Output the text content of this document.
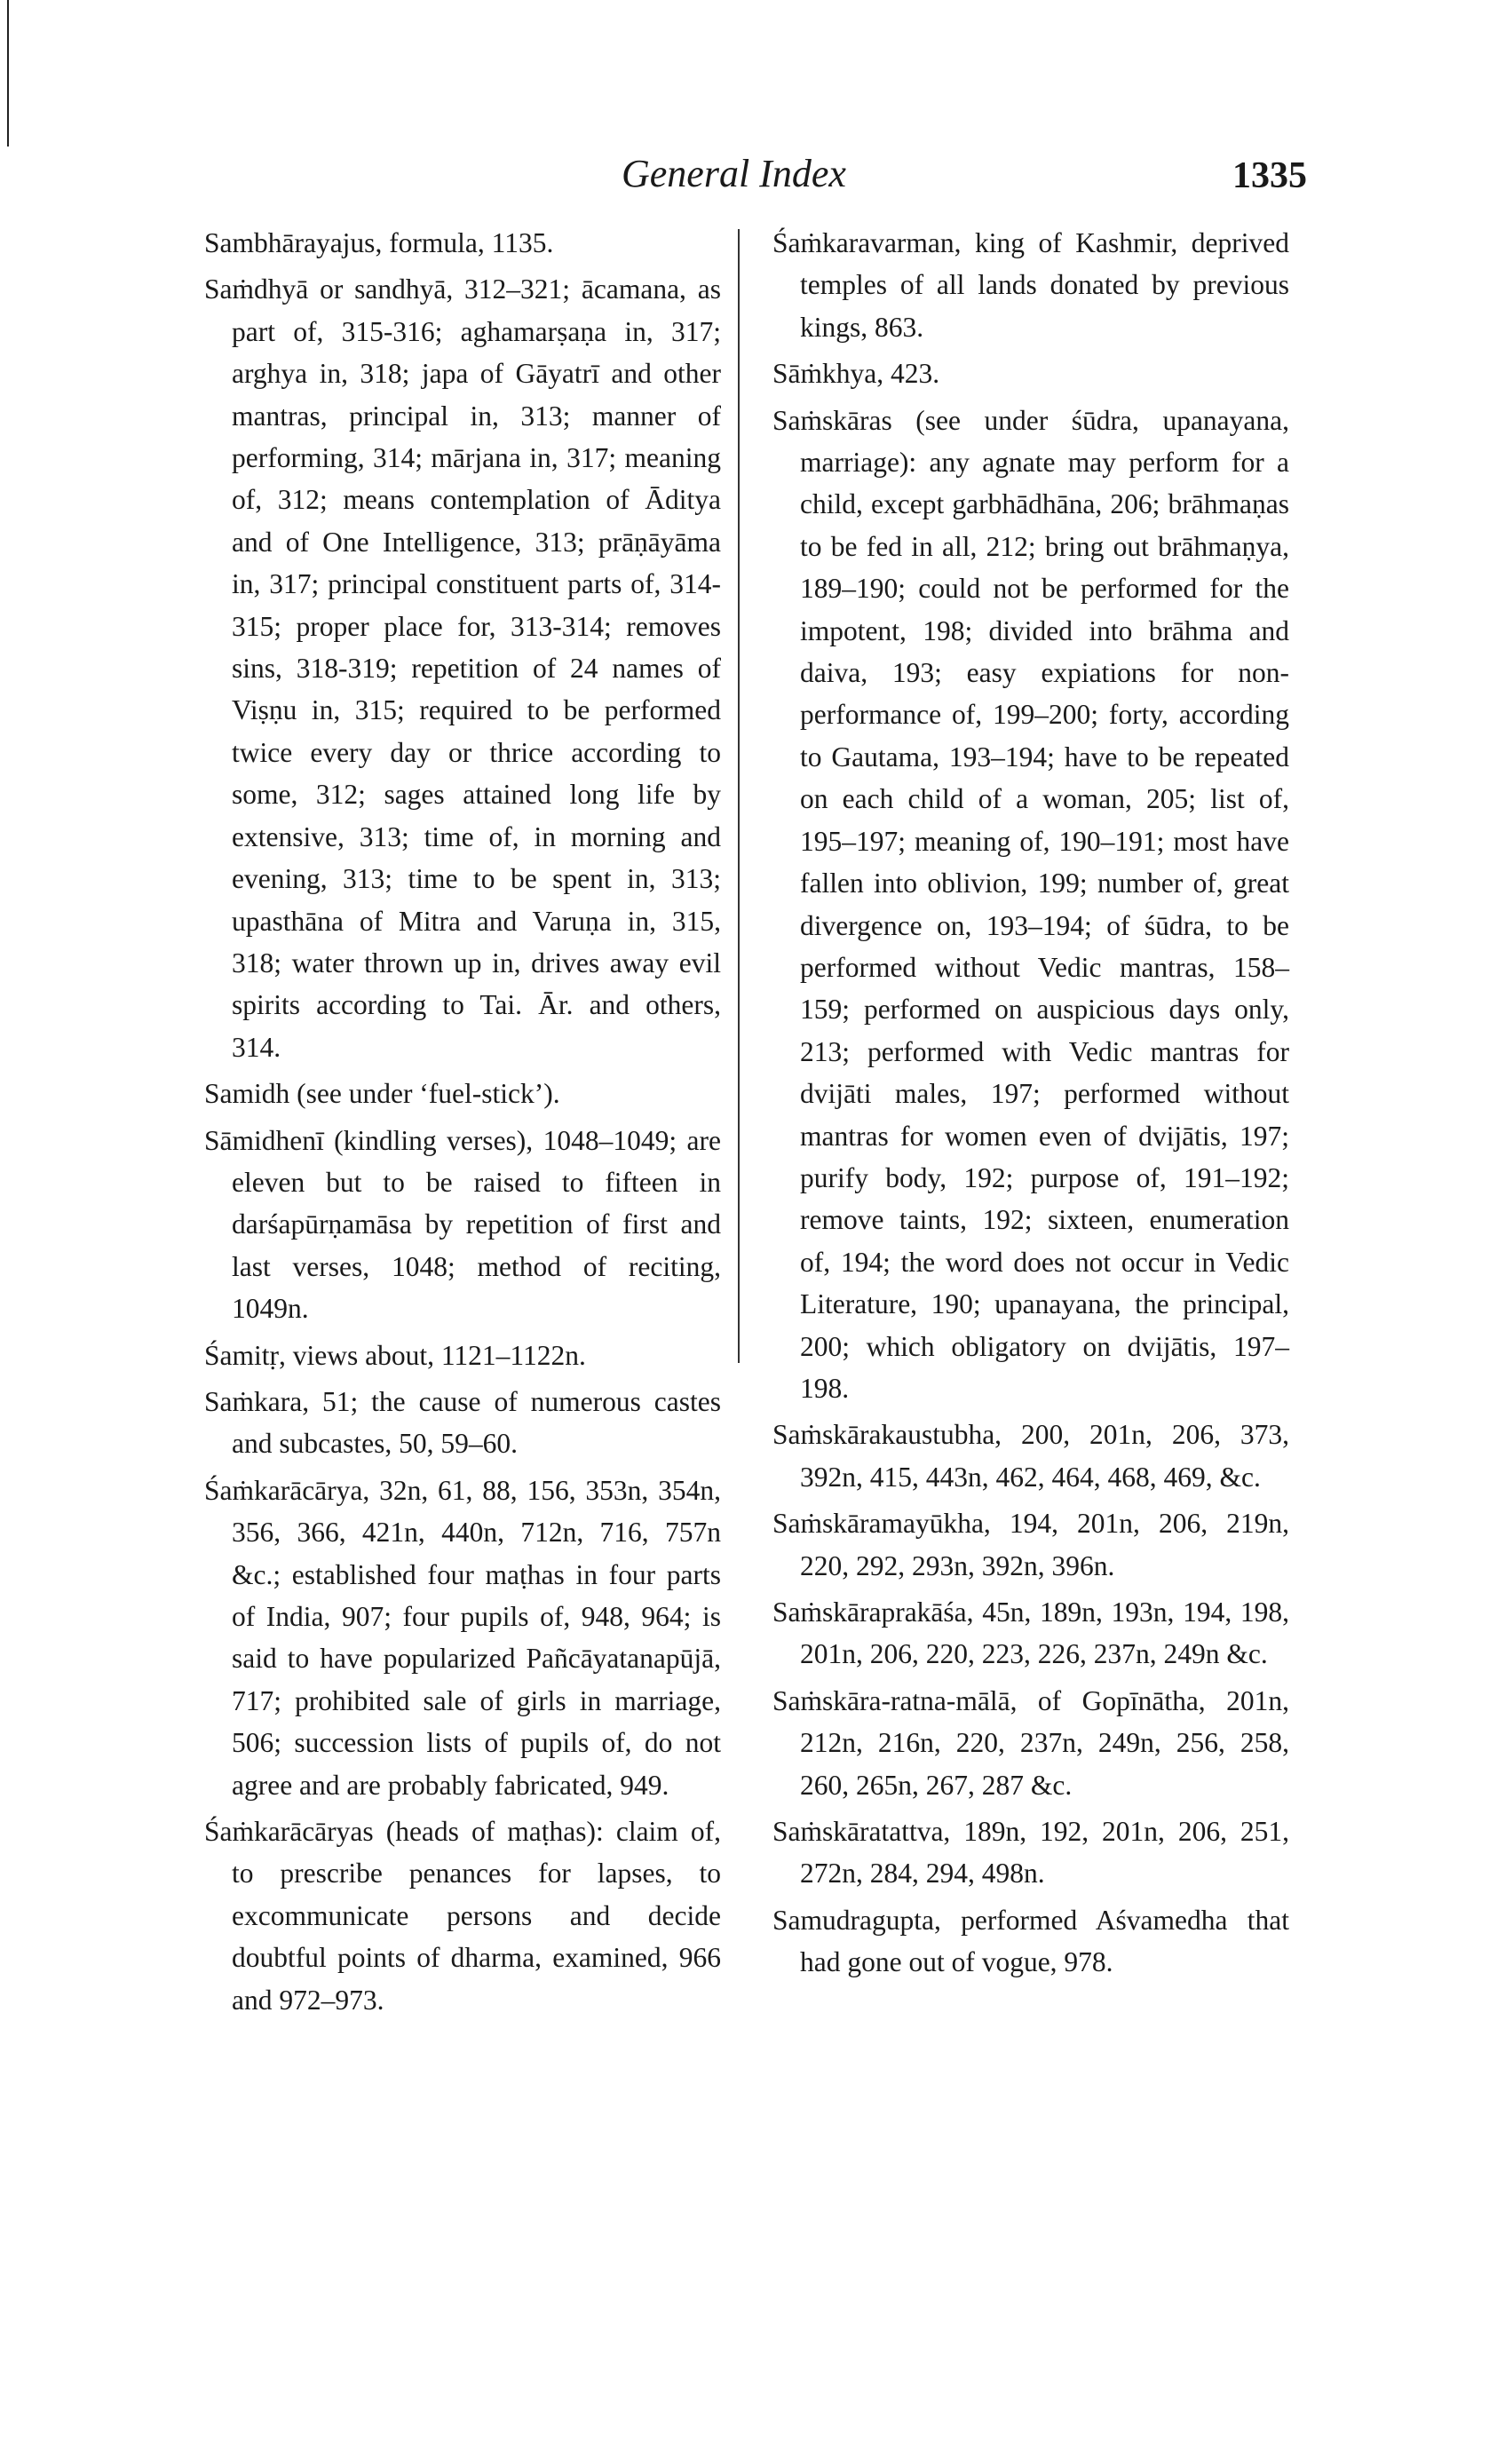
General Index	1335

Sambhārayajus, formula, 1135.

Saṁdhyā or sandhyā, 312–321; ācamana, as part of, 315-316; aghamarṣaṇa in, 317; arghya in, 318; japa of Gāyatrī and other mantras, principal in, 313; manner of performing, 314; mārjana in, 317; meaning of, 312; means contemplation of Āditya and of One Intelligence, 313; prāṇāyāma in, 317; principal constituent parts of, 314-315; proper place for, 313-314; removes sins, 318-319; repetition of 24 names of Viṣṇu in, 315; required to be performed twice every day or thrice according to some, 312; sages attained long life by extensive, 313; time of, in morning and evening, 313; time to be spent in, 313; upasthāna of Mitra and Varuṇa in, 315, 318; water thrown up in, drives away evil spirits according to Tai. Ār. and others, 314.

Samidh (see under ‘fuel-stick’).

Sāmidhenī (kindling verses), 1048–1049; are eleven but to be raised to fifteen in darśapūrṇamāsa by repetition of first and last verses, 1048; method of reciting, 1049n.

Śamitṛ, views about, 1121–1122n.

Saṁkara, 51; the cause of numerous castes and subcastes, 50, 59–60.

Śaṁkarācārya, 32n, 61, 88, 156, 353n, 354n, 356, 366, 421n, 440n, 712n, 716, 757n &c.; established four maṭhas in four parts of India, 907; four pupils of, 948, 964; is said to have popularized Pañcāyatanapūjā, 717; prohibited sale of girls in marriage, 506; succession lists of pupils of, do not agree and are probably fabricated, 949.

Śaṁkarācāryas (heads of maṭhas): claim of, to prescribe penances for lapses, to excommunicate persons and decide doubtful points of dharma, examined, 966 and 972–973.

Śaṁkaravarman, king of Kashmir, deprived temples of all lands donated by previous kings, 863.

Sāṁkhya, 423.

Saṁskāras (see under śūdra, upanayana, marriage): any agnate may perform for a child, except garbhādhāna, 206; brāhmaṇas to be fed in all, 212; bring out brāhmaṇya, 189–190; could not be performed for the impotent, 198; divided into brāhma and daiva, 193; easy expiations for non-performance of, 199–200; forty, according to Gautama, 193–194; have to be repeated on each child of a woman, 205; list of, 195–197; meaning of, 190–191; most have fallen into oblivion, 199; number of, great divergence on, 193–194; of śūdra, to be performed without Vedic mantras, 158–159; performed on auspicious days only, 213; performed with Vedic mantras for dvijāti males, 197; performed without mantras for women even of dvijātis, 197; purify body, 192; purpose of, 191–192; remove taints, 192; sixteen, enumeration of, 194; the word does not occur in Vedic Literature, 190; upanayana, the principal, 200; which obligatory on dvijātis, 197–198.

Saṁskārakaustubha, 200, 201n, 206, 373, 392n, 415, 443n, 462, 464, 468, 469, &c.

Saṁskāramayūkha, 194, 201n, 206, 219n, 220, 292, 293n, 392n, 396n.

Saṁskāraprakāśa, 45n, 189n, 193n, 194, 198, 201n, 206, 220, 223, 226, 237n, 249n &c.

Saṁskāra-ratna-mālā, of Gopīnātha, 201n, 212n, 216n, 220, 237n, 249n, 256, 258, 260, 265n, 267, 287 &c.

Saṁskāratattva, 189n, 192, 201n, 206, 251, 272n, 284, 294, 498n.

Samudragupta, performed Aśvamedha that had gone out of vogue, 978.
